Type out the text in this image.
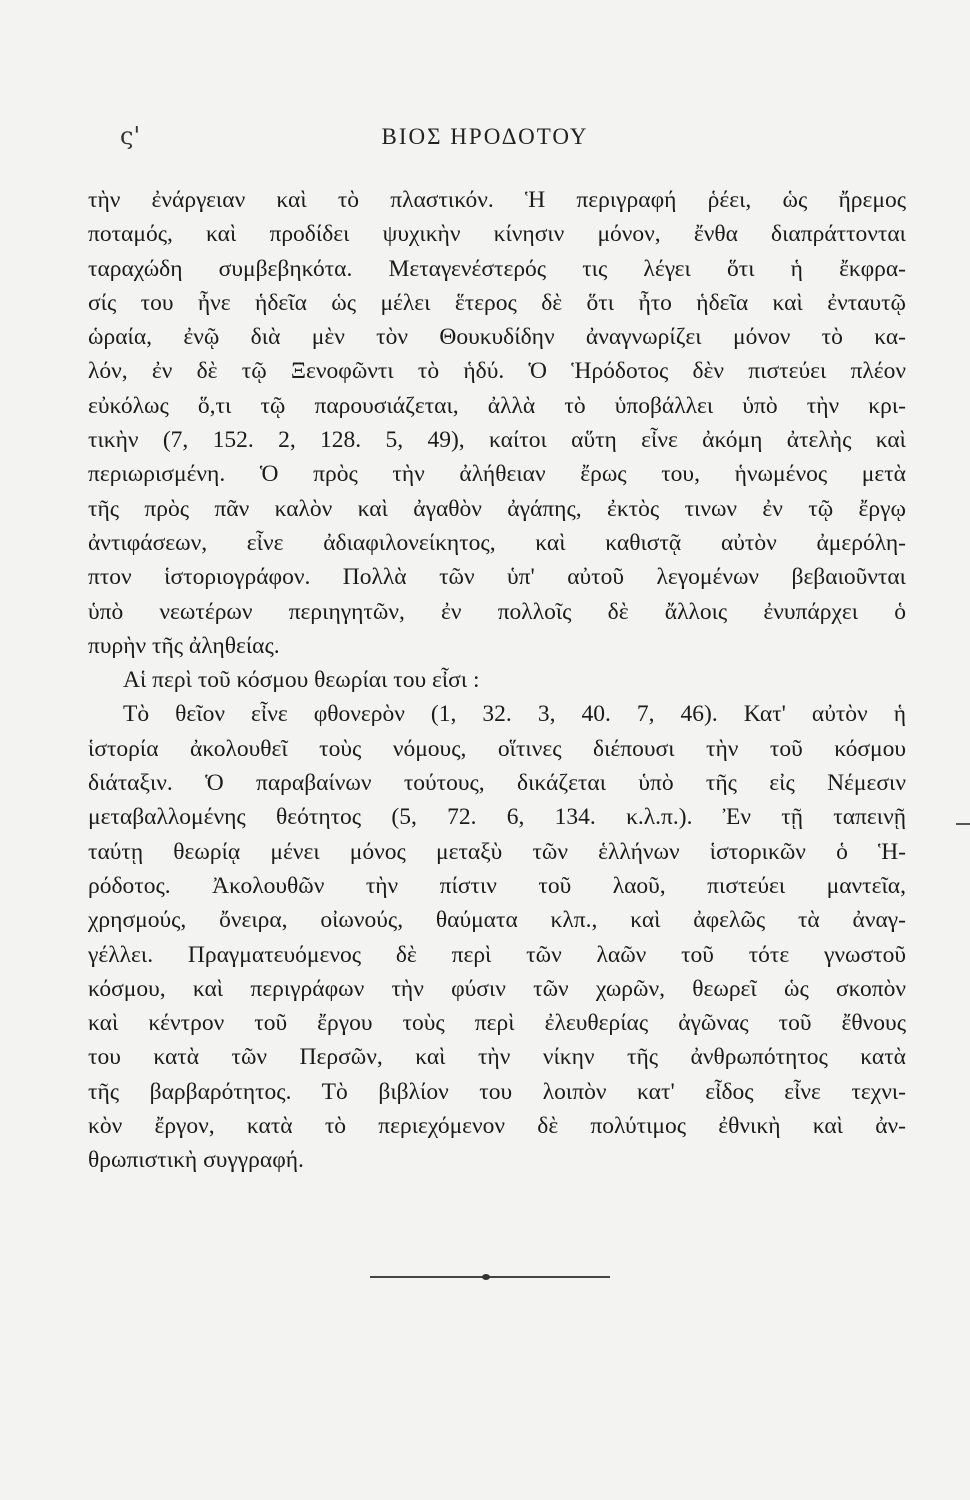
ς'	ΒΙΟΣ ΗΡΟΔΟΤΟΥ
τὴν ἐνάργειαν καὶ τὸ πλαστικόν. Ἡ περιγραφή ῥέει, ὡς ἤρεμος
ποταμός, καὶ προδίδει ψυχικὴν κίνησιν μόνον, ἔνθα διαπράττονται
ταραχώδη συμβεβηκότα. Μεταγενέστερός τις λέγει ὅτι ἡ ἔκφρα-
σίς του ἦνε ἡδεῖα ὡς μέλει ἕτερος δὲ ὅτι ἦτο ἡδεῖα καὶ ἐνταυτῷ
ὡραία, ἐνῷ διὰ μὲν τὸν Θουκυδίδην ἀναγνωρίζει μόνον τὸ κα-
λόν, ἐν δὲ τῷ Ξενοφῶντι τὸ ἡδύ. Ὁ Ἡρόδοτος δὲν πιστεύει πλέον
εὐκόλως ὅ,τι τῷ παρουσιάζεται, ἀλλὰ τὸ ὑποβάλλει ὑπὸ τὴν κρι-
τικὴν (7, 152. 2, 128. 5, 49), καίτοι αὕτη εἶνε ἀκόμη ἀτελὴς καὶ
περιωρισμένη. Ὁ πρὸς τὴν ἀλήθειαν ἔρως του, ἡνωμένος μετὰ
τῆς πρὸς πᾶν καλὸν καὶ ἀγαθὸν ἀγάπης, ἐκτὸς τινων ἐν τῷ ἔργῳ
ἀντιφάσεων, εἶνε ἀδιαφιλονείκητος, καὶ καθιστᾷ αὐτὸν ἀμερόλη-
πτον ἱστοριογράφον. Πολλὰ τῶν ὑπ' αὐτοῦ λεγομένων βεβαιοῦνται
ὑπὸ νεωτέρων περιηγητῶν, ἐν πολλοῖς δὲ ἄλλοις ἐνυπάρχει ὁ
πυρὴν τῆς ἀληθείας.
Αἱ περὶ τοῦ κόσμου θεωρίαι του εἶσι :
Τὸ θεῖον εἶνε φθονερὸν (1, 32. 3, 40. 7, 46). Κατ' αὐτὸν ἡ
ἱστορία ἀκολουθεῖ τοὺς νόμους, οἵτινες διέπουσι τὴν τοῦ κόσμου
διάταξιν. Ὁ παραβαίνων τούτους, δικάζεται ὑπὸ τῆς εἰς Νέμεσιν
μεταβαλλομένης θεότητος (5, 72. 6, 134. κ.λ.π.). Ἐν τῇ ταπεινῇ
ταύτῃ θεωρίᾳ μένει μόνος μεταξὺ τῶν ἑλλήνων ἱστορικῶν ὁ Ἡ-
ρόδοτος. Ἀκολουθῶν τὴν πίστιν τοῦ λαοῦ, πιστεύει μαντεῖα,
χρησμούς, ὄνειρα, οἰωνούς, θαύματα κλπ., καὶ ἀφελῶς τὰ ἀναγ-
γέλλει. Πραγματευόμενος δὲ περὶ τῶν λαῶν τοῦ τότε γνωστοῦ
κόσμου, καὶ περιγράφων τὴν φύσιν τῶν χωρῶν, θεωρεῖ ὡς σκοπὸν
καὶ κέντρον τοῦ ἔργου τοὺς περὶ ἐλευθερίας ἀγῶνας τοῦ ἔθνους
του κατὰ τῶν Περσῶν, καὶ τὴν νίκην τῆς ἀνθρωπότητος κατὰ
τῆς βαρβαρότητος. Τὸ βιβλίον του λοιπὸν κατ' εἶδος εἶνε τεχνι-
κὸν ἔργον, κατὰ τὸ περιεχόμενον δὲ πολύτιμος ἐθνικὴ καὶ ἀν-
θρωπιστικὴ συγγραφή.
